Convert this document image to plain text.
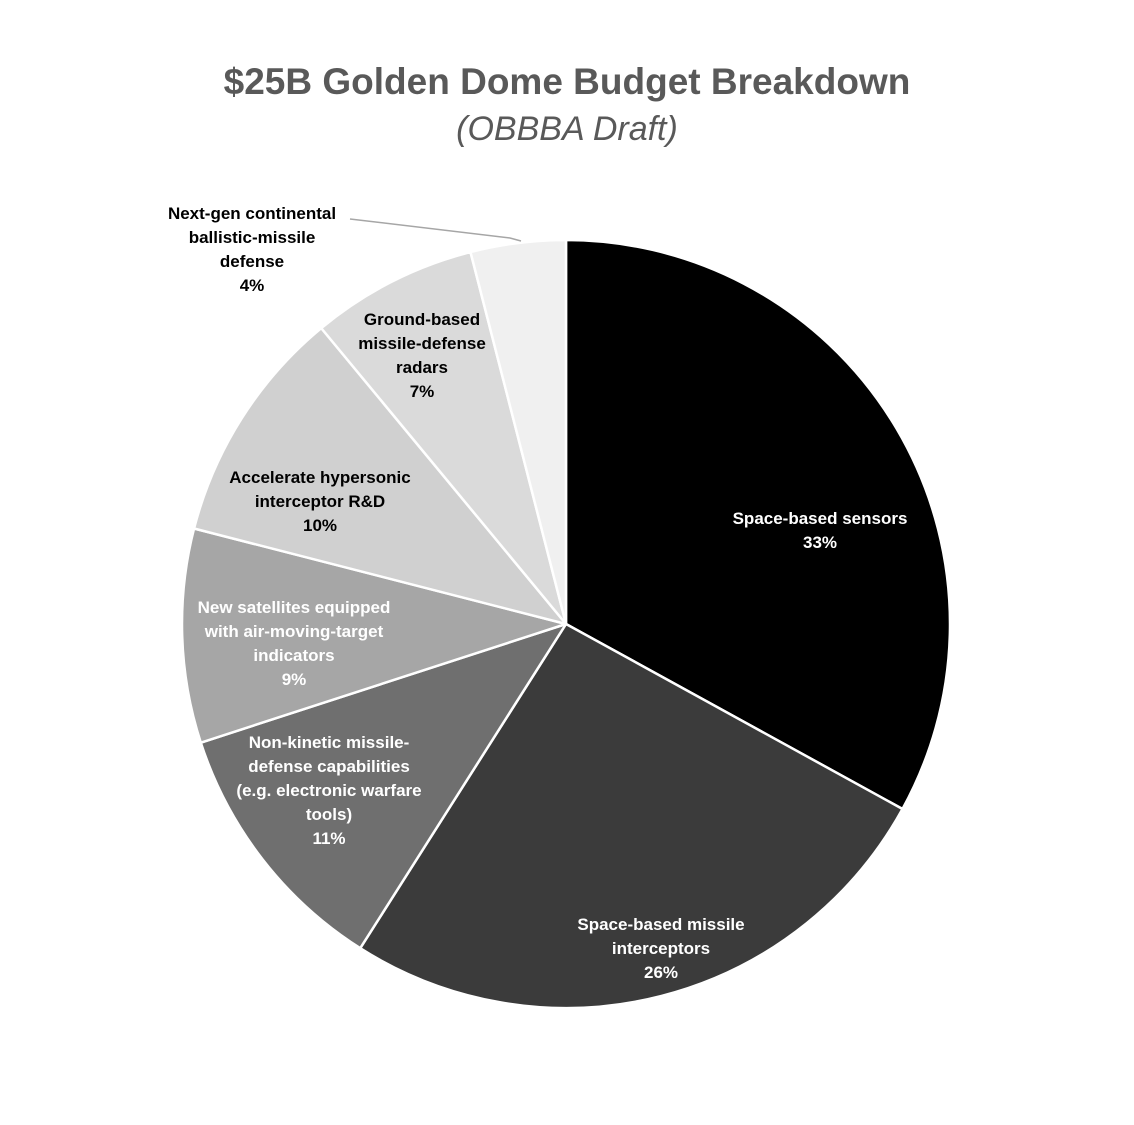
$25B Golden Dome Budget Breakdown
(OBBBA Draft)
Space-based sensors 33%
Space-based missile interceptors 26%
Non-kinetic missile-defense capabilities (e.g. electronic warfare tools) 11%
New satellites equipped with air-moving-target indicators 9%
Accelerate hypersonic interceptor R&D 10%
Ground-based missile-defense radars 7%
Next-gen continental ballistic-missile defense 4%
